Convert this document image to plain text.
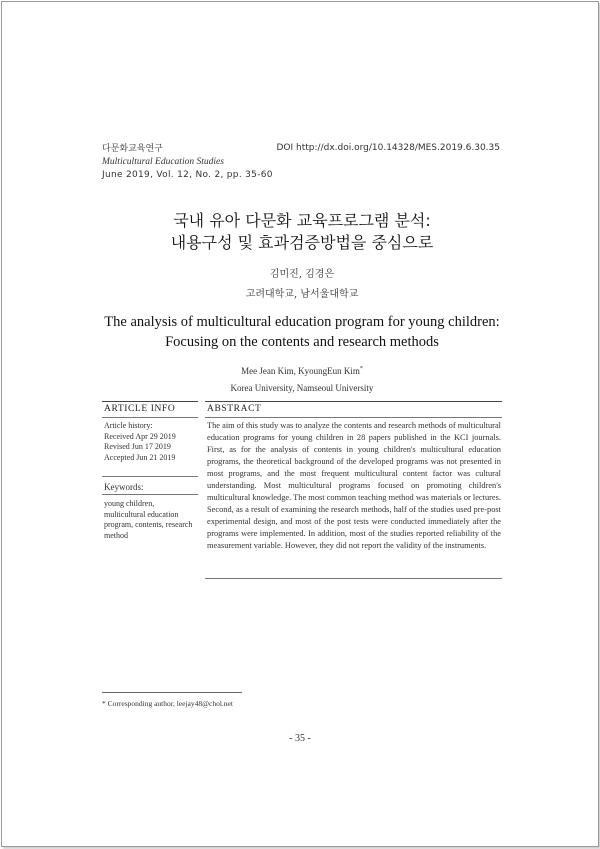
다문화교육연구
Multicultural Education Studies
June 2019, Vol. 12, No. 2, pp. 35-60
DOI http://dx.doi.org/10.14328/MES.2019.6.30.35
국내 유아 다문화 교육프로그램 분석:
내용구성 및 효과검증방법을 중심으로
김미진, 김경은
고려대학교, 남서울대학교
The analysis of multicultural education program for young children:
Focusing on the contents and research methods
Mee Jean Kim, KyoungEun Kim*
Korea University, Namseoul University
ARTICLE INFO	ABSTRACT
Article history:
Received Apr 29 2019
Revised Jun 17 2019
Accepted Jun 21 2019
Keywords:
young children, multicultural education program, contents, research method
The aim of this study was to analyze the contents and research methods of multicultural education programs for young children in 28 papers published in the KCI journals. First, as for the analysis of contents in young children's multicultural education programs, the theoretical background of the developed programs was not presented in most programs, and the most frequent multicultural content factor was cultural understanding. Most multicultural programs focused on promoting children's multicultural knowledge. The most common teaching method was materials or lectures. Second, as a result of examining the research methods, half of the studies used pre-post experimental design, and most of the post tests were conducted immediately after the programs were implemented. In addition, most of the studies reported reliability of the measurement variable. However, they did not report the validity of the instruments.
* Corresponding author, leejay48@chol.net
- 35 -
